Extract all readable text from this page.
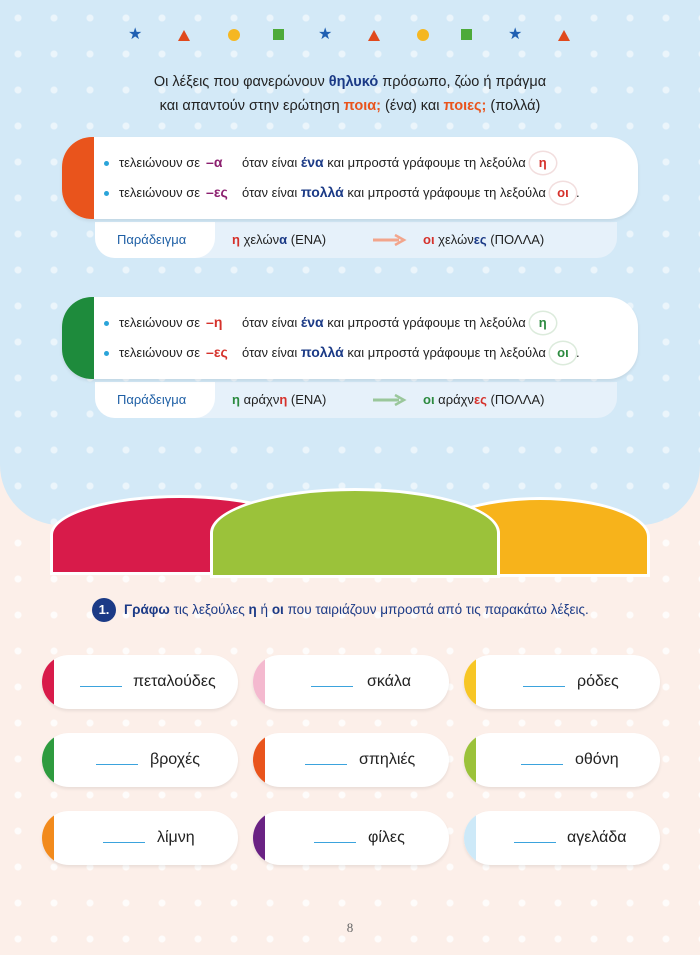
★	★	★
Οι λέξεις που φανερώνουν θηλυκό πρόσωπο, ζώο ή πράγμα
και απαντούν στην ερώτηση ποια; (ένα) και ποιες; (πολλά)
Παράδειγμα	η χελώνα (ΕΝΑ)	οι χελώνες (ΠΟΛΛΑ)
τελειώνουν σε –α όταν είναι ένα και μπροστά γράφουμε τη λεξούλα η
τελειώνουν σε –ες όταν είναι πολλά και μπροστά γράφουμε τη λεξούλα οι .
Παράδειγμα	η αράχνη (ΕΝΑ)	οι αράχνες (ΠΟΛΛΑ)
τελειώνουν σε –η όταν είναι ένα και μπροστά γράφουμε τη λεξούλα η
τελειώνουν σε –ες όταν είναι πολλά και μπροστά γράφουμε τη λεξούλα οι .
1. Γράφω τις λεξούλες η ή οι που ταιριάζουν μπροστά από τις παρακάτω λέξεις.
πεταλούδες	σκάλα	ρόδες
βροχές	σπηλιές	οθόνη
λίμνη	φίλες	αγελάδα
8
